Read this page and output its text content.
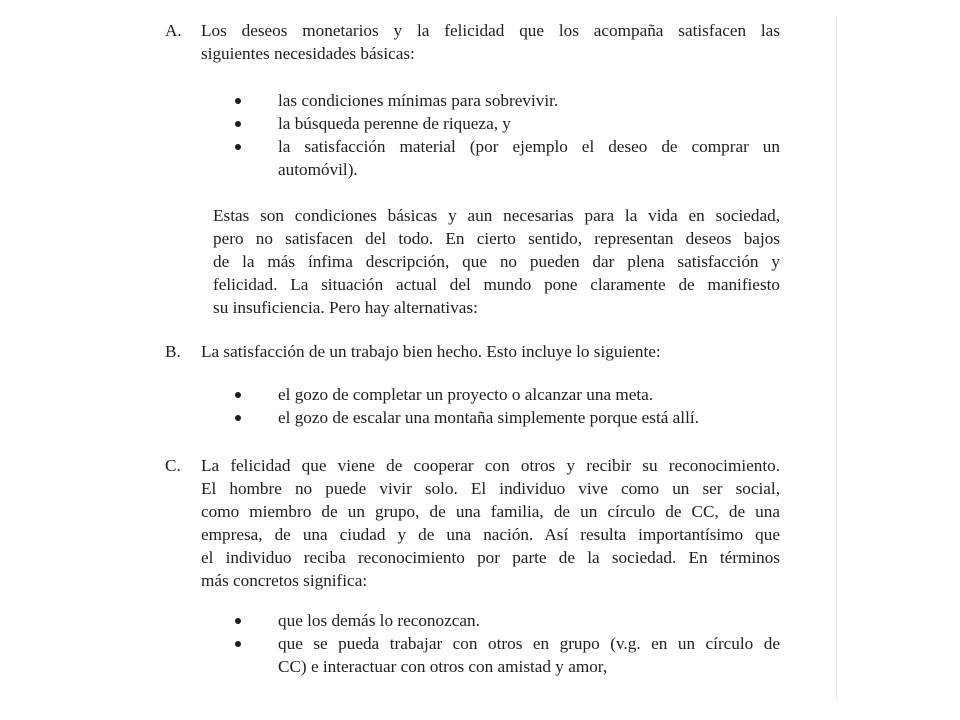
A.	Los deseos monetarios y la felicidad que los acompaña satisfacen las
siguientes necesidades básicas:
las condiciones mínimas para sobrevivir.
la búsqueda perenne de riqueza, y
la satisfacción material (por ejemplo el deseo de comprar un
automóvil).
Estas son condiciones básicas y aun necesarias para la vida en sociedad,
pero no satisfacen del todo. En cierto sentido, representan deseos bajos
de la más ínfima descripción, que no pueden dar plena satisfacción y
felicidad. La situación actual del mundo pone claramente de manifiesto
su insuficiencia. Pero hay alternativas:
B.	La satisfacción de un trabajo bien hecho. Esto incluye lo siguiente:
el gozo de completar un proyecto o alcanzar una meta.
el gozo de escalar una montaña simplemente porque está allí.
C.	La felicidad que viene de cooperar con otros y recibir su reconocimiento.
El hombre no puede vivir solo. El individuo vive como un ser social,
como miembro de un grupo, de una familia, de un círculo de CC, de una
empresa, de una ciudad y de una nación. Así resulta importantísimo que
el individuo reciba reconocimiento por parte de la sociedad. En términos
más concretos significa:
que los demás lo reconozcan.
que se pueda trabajar con otros en grupo (v.g. en un círculo de
CC) e interactuar con otros con amistad y amor,
